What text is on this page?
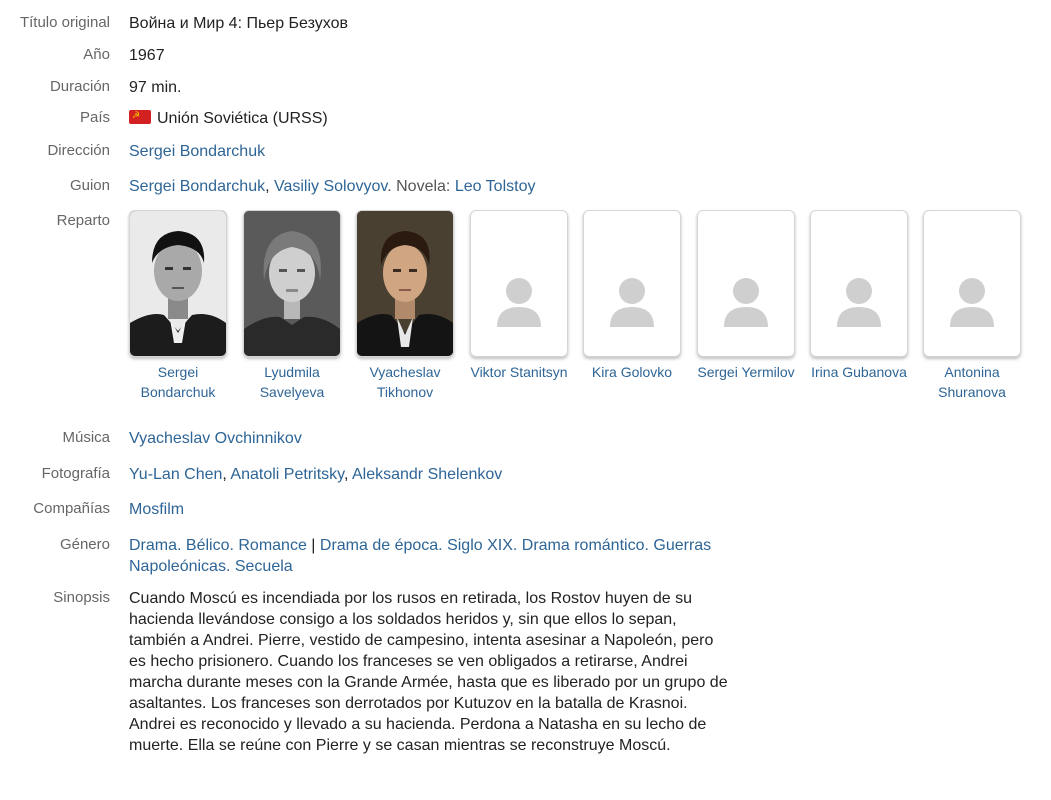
Título original Война и Мир 4: Пьер Безухов
Año 1967
Duración 97 min.
País ☭ Unión Soviética (URSS)
Dirección Sergei Bondarchuk
Guion Sergei Bondarchuk, Vasiliy Solovyov. Novela: Leo Tolstoy
Reparto
Sergei
Bondarchuk
Lyudmila
Savelyeva
Vyacheslav
Tikhonov
Viktor Stanitsyn	Kira Golovko	Sergei Yermilov	Irina Gubanova	Antonina
Shuranova
Música Vyacheslav Ovchinnikov
Fotografía Yu-Lan Chen, Anatoli Petritsky, Aleksandr Shelenkov
Compañías Mosfilm
Género Drama. Bélico. Romance | Drama de época. Siglo XIX. Drama romántico. Guerras
Napoleónicas. Secuela
Sinopsis Cuando Moscú es incendiada por los rusos en retirada, los Rostov huyen de su
hacienda llevándose consigo a los soldados heridos y, sin que ellos lo sepan,
también a Andrei. Pierre, vestido de campesino, intenta asesinar a Napoleón, pero
es hecho prisionero. Cuando los franceses se ven obligados a retirarse, Andrei
marcha durante meses con la Grande Armée, hasta que es liberado por un grupo de
asaltantes. Los franceses son derrotados por Kutuzov en la batalla de Krasnoi.
Andrei es reconocido y llevado a su hacienda. Perdona a Natasha en su lecho de
muerte. Ella se reúne con Pierre y se casan mientras se reconstruye Moscú.
